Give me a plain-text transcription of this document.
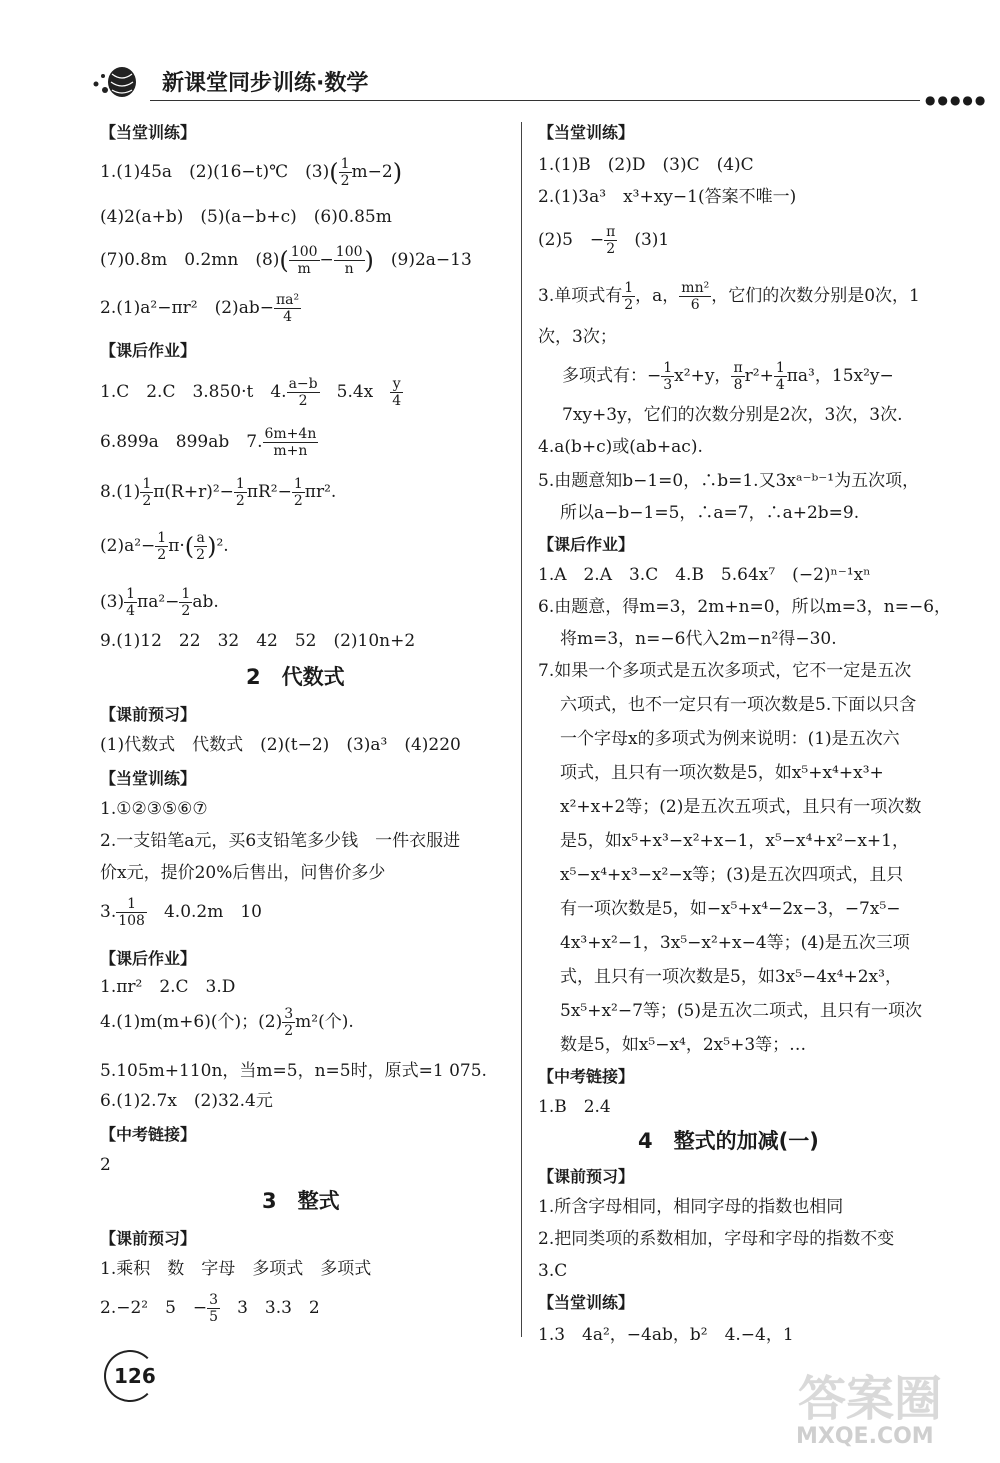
新课堂同步训练·数学
●●●●●
【当堂训练】
1.(1)45a　(2)(16−t)℃　$(3)( \frac{1}{2} m-2)$
(4)2(a+b)　(5)(a−b+c)　(6)0.85m
(7)0.8m　0.2mn　$(8)( \frac{100}{m} - \frac{100}{n}$ )　(9)2a−13
2.(1)a²−πr²　$(2)ab- \frac{\text{πa²}}{4}$
【课后作业】
1.C　2.C　3.850·t　4. $\frac{a-b}{2}$ 　5.4x　 $\frac{y}{4}$
6.899a　899ab　7. $\frac{6m+4n}{m+n}$
$8.(1) \frac{1}{2} \pi(R+r)^2- \frac{1}{2} \pi R^2- \frac{1}{2} \pi r^2$.
$(2)a^2- \frac{1}{2} \pi\cdot( \frac{a}{2} )^2$.
$(3) \frac{1}{4} \pi a^2- \frac{1}{2}$ ab.
9.(1)12　22　32　42　52　(2)10n+2
2　代数式
【课前预习】
(1)代数式　代数式　(2)(t−2)　(3)a³　(4)220
【当堂训练】
1.①②③⑤⑥⑦
2.一支铅笔a元，买6支铅笔多少钱　一件衣服进
价x元，提价20%后售出，问售价多少
3. $\frac{1}{108}$ 　4.0.2m　10
【课后作业】
1.πr²　2.C　3.D
4.(1)m(m+6)(个)；$(2) \frac{3}{2} m^2$(个).
5.105m+110n，当m=5，n=5时，原式=1 075.
6.(1)2.7x　(2)32.4元
【中考链接】
2
3　整式
【课前预习】
1.乘积　数　字母　多项式　多项式
2.−2²　5　− $\frac{3}{5}$ 　3　3.3　2
【当堂训练】
1.(1)B　(2)D　(3)C　(4)C
2.(1)3a³　x³+xy−1(答案不唯一)
(2)5　− $\frac{\pi}{2}$ 　(3)1
3.单项式有 $\frac{1}{2}$ ，a， $\frac{\text{mn²}}{6}$ ，它们的次数分别是0次，1
次，3次；
多项式有：− $\frac{1}{3} x^2+y$， $\frac{\pi}{8} r^2+ \frac{1}{4} \pi a^3$，15x²y−
7xy+3y，它们的次数分别是2次，3次，3次.
4.a(b+c)或(ab+ac).
5.由题意知b−1=0，∴b=1.又3xᵃ⁻ᵇ⁻¹为五次项，
所以a−b−1=5，∴a=7，∴a+2b=9.
【课后作业】
1.A　2.A　3.C　4.B　5.64x⁷　(−2)ⁿ⁻¹xⁿ
6.由题意，得m=3，2m+n=0，所以m=3，n=−6，
将m=3，n=−6代入2m−n²得−30.
7.如果一个多项式是五次多项式，它不一定是五次
六项式，也不一定只有一项次数是5.下面以只含
一个字母x的多项式为例来说明：(1)是五次六
项式，且只有一项次数是5，如x⁵+x⁴+x³+
x²+x+2等；(2)是五次五项式，且只有一项次数
是5，如x⁵+x³−x²+x−1，x⁵−x⁴+x²−x+1，
x⁵−x⁴+x³−x²−x等；(3)是五次四项式，且只
有一项次数是5，如−x⁵+x⁴−2x−3，−7x⁵−
4x³+x²−1，3x⁵−x²+x−4等；(4)是五次三项
式，且只有一项次数是5，如3x⁵−4x⁴+2x³，
5x⁵+x²−7等；(5)是五次二项式，且只有一项次
数是5，如x⁵−x⁴，2x⁵+3等；…
【中考链接】
1.B　2.4
4　整式的加减(一)
【课前预习】
1.所含字母相同，相同字母的指数也相同
2.把同类项的系数相加，字母和字母的指数不变
3.C
【当堂训练】
1.3　4a²，−4ab，b²　4.−4，1
126	答案圈
MXQE.COM
